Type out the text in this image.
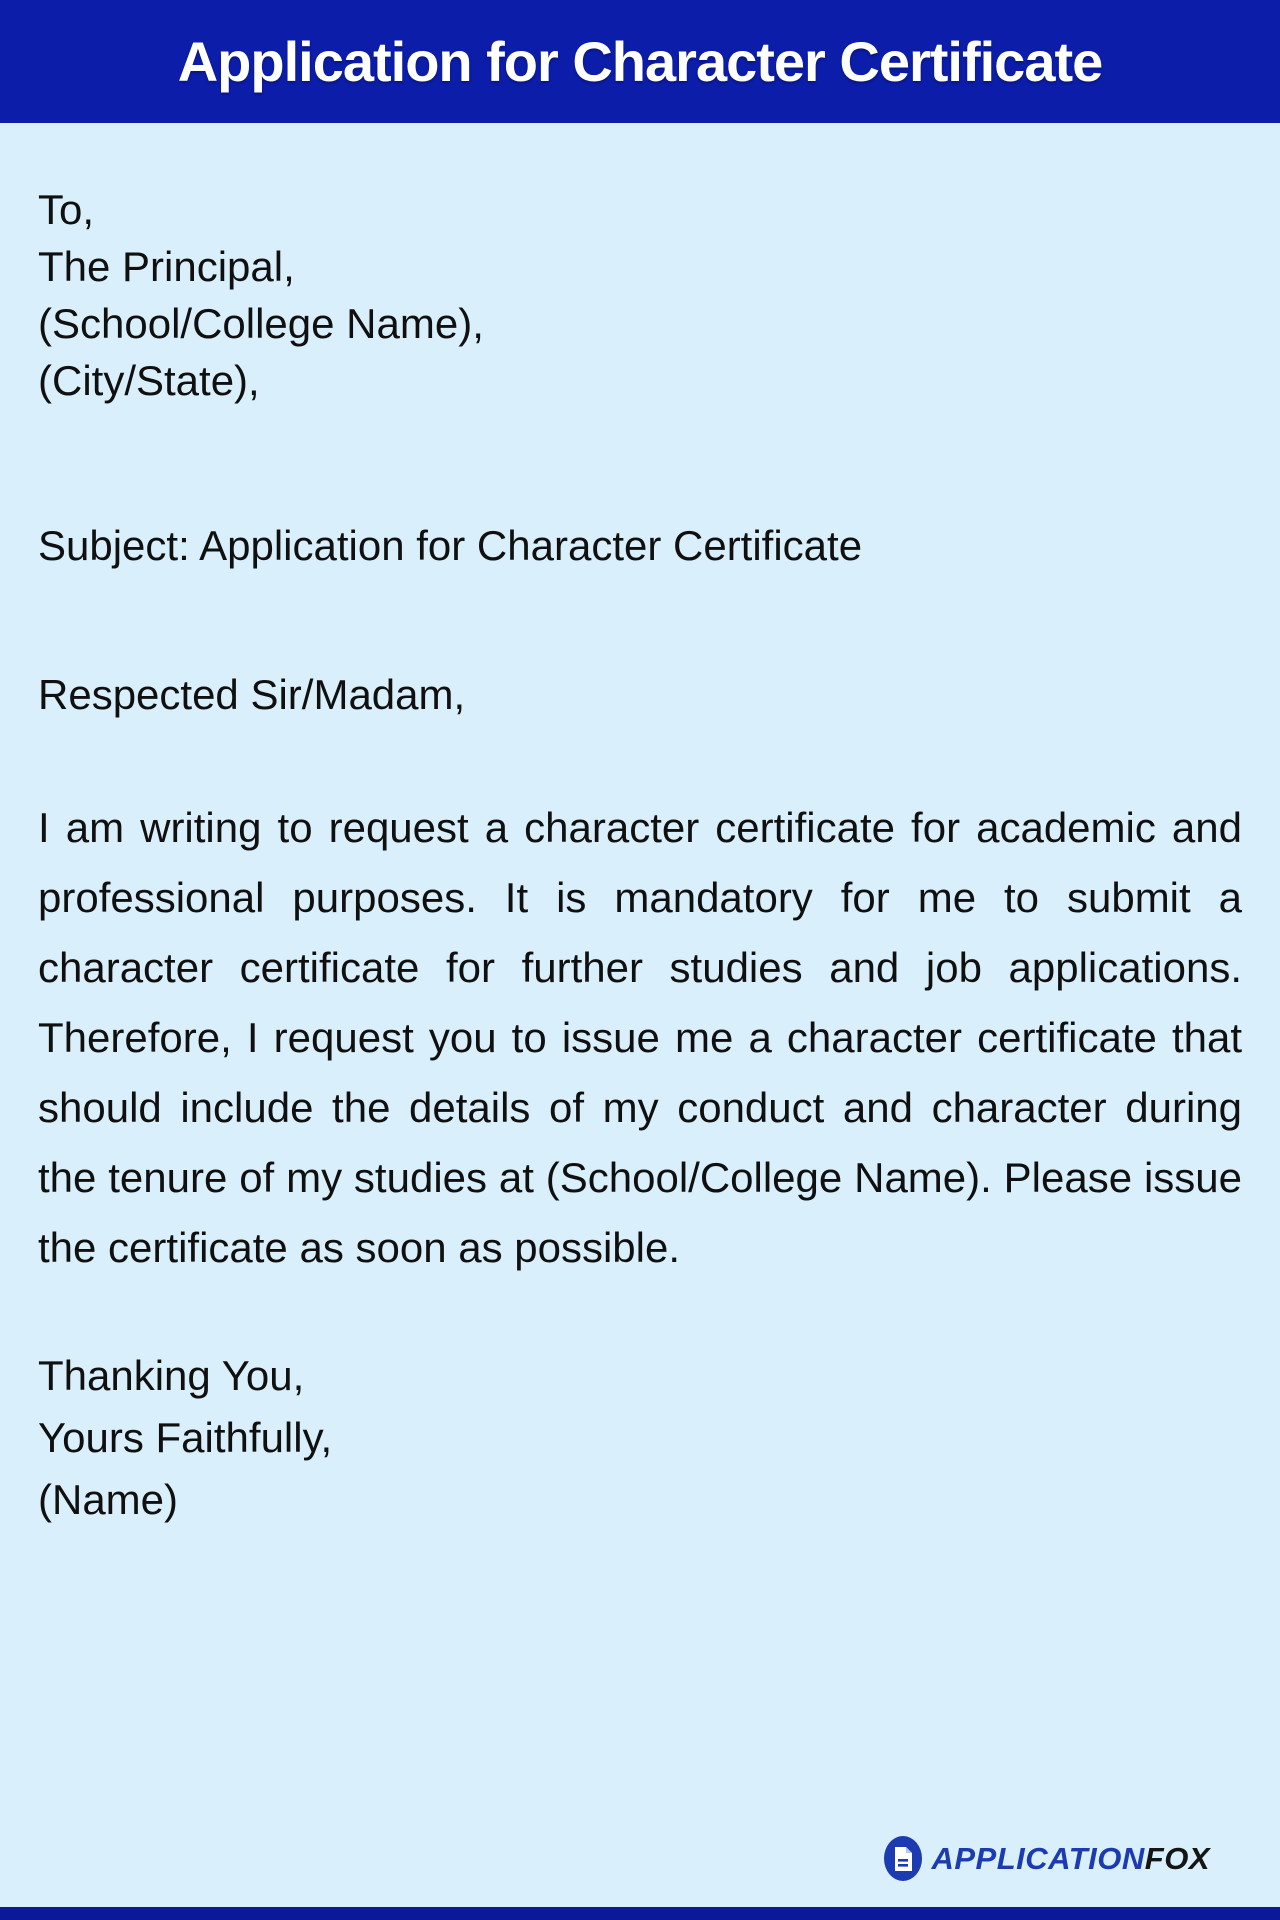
Application for Character Certificate
To,
The Principal,
(School/College Name),
(City/State),
Subject: Application for Character Certificate
Respected Sir/Madam,
I am writing to request a character certificate for academic and professional purposes. It is mandatory for me to submit a character certificate for further studies and job applications. Therefore, I request you to issue me a character certificate that should include the details of my conduct and character during the tenure of my studies at (School/College Name). Please issue the certificate as soon as possible.
Thanking You,
Yours Faithfully,
(Name)
APPLICATIONFOX
